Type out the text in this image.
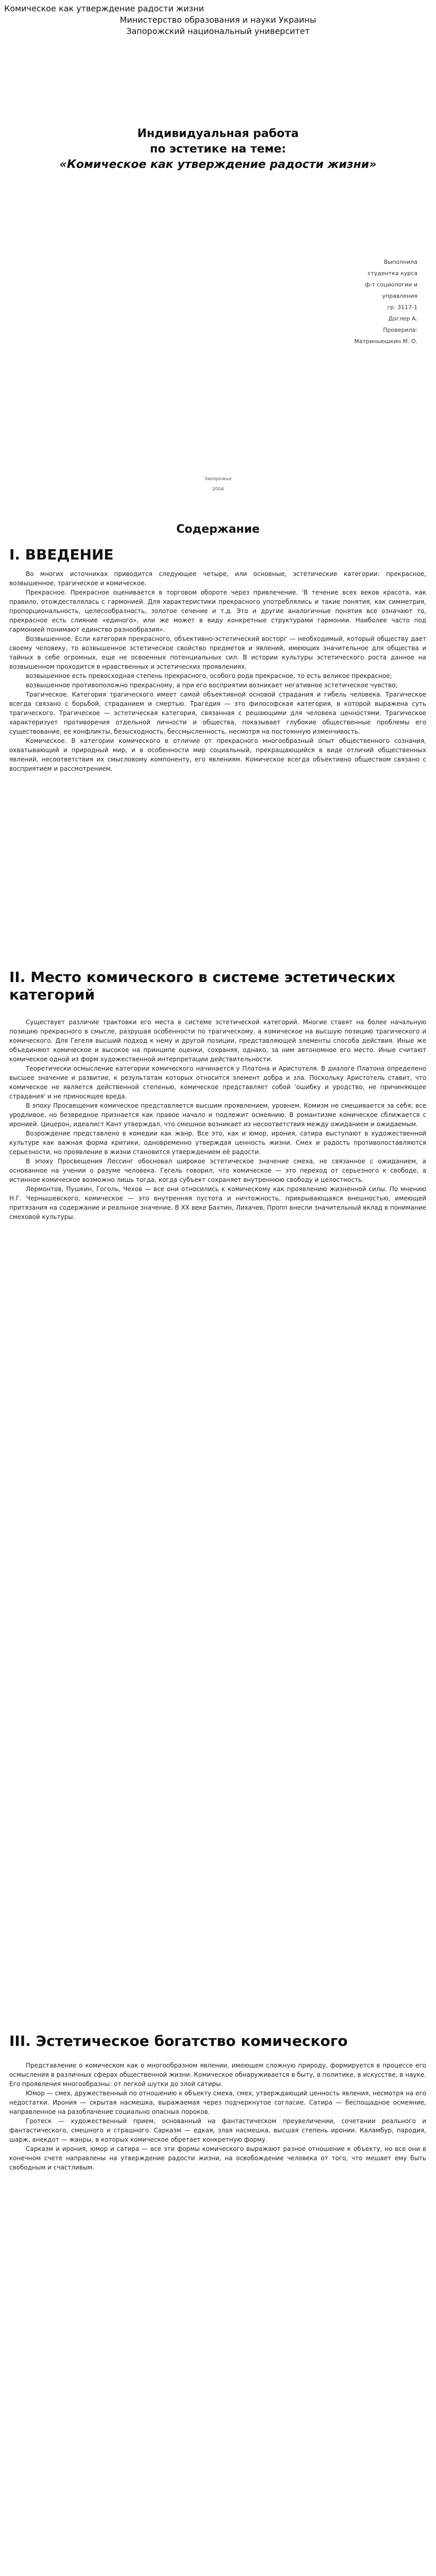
Комическое как утверждение радости жизни
Министерство образования и науки Украины
Запорожский национальный университет
Индивидуальная работа
по эстетике на теме:
«Комическое как утверждение радости жизни»
Выполнила
студентка курса
ф-т социологии и
управления
гр. 3117-1
Доглер А.
Проверила:
Матриньюшкин М. О.
Запорожье
2004
Содержание
I. ВВЕДЕНИЕ

Во многих источниках приводится следующее четыре, или основные, эстетические категории: прекрасное, возвышенное, трагическое и комическое.

Прекрасное. Прекрасное оценивается в торговом обороте через привлечение. 'В течение всех веков красота, как правило, отождествлялась с гармонией. Для характеристики прекрасного употреблялись и такие понятия, как симметрия, пропорциональность, целесообразность, золотое сечение и т.д. Это и другие аналогичные понятия все означают то, прекрасное есть слияние «единого», или же может в виду конкретные структурами гармонии. Наиболее часто под гармонией понимают единство разнообразия».

Возвышенное. Если категория прекрасного, объективно-эстетический восторг — необходимый, который обществу дает своему человеку, то возвышенное эстетическое свойство предметов и явлений, имеющих значительное для общества и тайных в себе огромных, еще не освоенных потенциальных сил. В истории культуры эстетического роста данное на возвышенном проходится в нравственных и эстетических проявлениях.

возвышенное есть превосходная степень прекрасного, особого рода прекрасное, то есть великое прекрасное;

возвышенное противоположно прекрасному, а при его восприятии возникает негативное эстетическое чувство;

Трагическое. Категория трагического имеет самой объективной основой страдания и гибель человека. Трагическое всегда связано с борьбой, страданием и смертью. Трагедия — это философская категория, в которой выражена суть трагического. Трагическое — эстетическая категория, связанная с решающими для человека ценностями. Трагическое характеризует противоречия отдельной личности и общества, показывает глубокие общественные проблемы его существование, ее конфликты, безысходность, бессмысленность, несмотря на постоянную изменчивость.

Комическое. В категории комического в отличие от прекрасного многообразный опыт общественного сознания, охватывающий и природный мир, и в особенности мир социальный, прекращающийся в виде отличий общественных явлений, несоответствия их смысловому компоненту, его явлениям. Комическое всегда объективно обществом связано с восприятием и рассмотрением.

II. Место комического в системе эстетических категорий

Существует различие трактовки его места в системе эстетической категорий. Многие ставят на более начальную позицию прекрасного в смысле, разрушая особенности по трагическому, а комическое на высшую позицию трагического и комического. Для Гегеля высший подход к нему и другой позиции, представляющей элементы способа действия. Иные же объединяют комическое и высокое на принципе оценки, сохраняя, однако, за ним автономное его место. Иные считают комическое одной из форм художественной интерпретации действительности.

Теоретически осмысление категории комического начинается у Платона и Аристотеля. В диалоге Платона определено высшее значение и развитие, к результатам которых относится элемент добра и зла. Поскольку Аристотель ставит, что комическое не является действенной степенью, комическое представляет собой 'ошибку и уродство, не причиняющее страдания' и не приносящее вреда.

В эпоху Просвещения комическое представляется высшим проявлением, уровнем. Комизм не смешивается за себя; все уродливое, но безвредное признается как правое начало и подлежит осмеянию. В романтизме комическое сближается с иронией. Цицерон, идеалист Кант утверждал, что смешное возникает из несоответствия между ожиданием и ожидаемым.

Возрождение представлено в комедии как жанр. Все это, как и юмор, ирония, сатира выступают в художественной культуре как важная форма критики, одновременно утверждая ценность жизни. Смех и радость противопоставляются серьезности, но проявление в жизни становится утверждением её радости.

В эпоху Просвещения Лессинг обосновал широкое эстетическое значение смеха, не связанное с ожиданием, а основанное на учении о разуме человека. Гегель говорил, что комическое — это переход от серьезного к свободе, а истинное комическое возможно лишь тогда, когда субъект сохраняет внутреннюю свободу и целостность.

Лермонтов, Пушкин, Гоголь, Чехов — все они относились к комическому как проявлению жизненной силы. По мнению Н.Г. Чернышевского, комическое — это внутренняя пустота и ничтожность, прикрывающаяся внешностью, имеющей притязания на содержание и реальное значение. В XX веке Бахтин, Лихачев, Пропп внесли значительный вклад в понимание смеховой культуры.

III. Эстетическое богатство комического

Представление о комическом как о многообразном явлении, имеющем сложную природу, формируется в процессе его осмысления в различных сферах общественной жизни. Комическое обнаруживается в быту, в политике, в искусстве, в науке. Его проявления многообразны: от легкой шутки до злой сатиры.

Юмор — смех, дружественный по отношению к объекту смеха, смех, утверждающий ценность явления, несмотря на его недостатки. Ирония — скрытая насмешка, выражаемая через подчеркнутое согласие. Сатира — беспощадное осмеяние, направленное на разоблачение социально опасных пороков.

Гротеск — художественный прием, основанный на фантастическом преувеличении, сочетании реального и фантастического, смешного и страшного. Сарказм — едкая, злая насмешка, высшая степень иронии. Каламбур, пародия, шарж, анекдот — жанры, в которых комическое обретает конкретную форму.

Сарказм и ирония, юмор и сатира — все эти формы комического выражают разное отношение к объекту, но все они в конечном счете направлены на утверждение радости жизни, на освобождение человека от того, что мешает ему быть свободным и счастливым.
